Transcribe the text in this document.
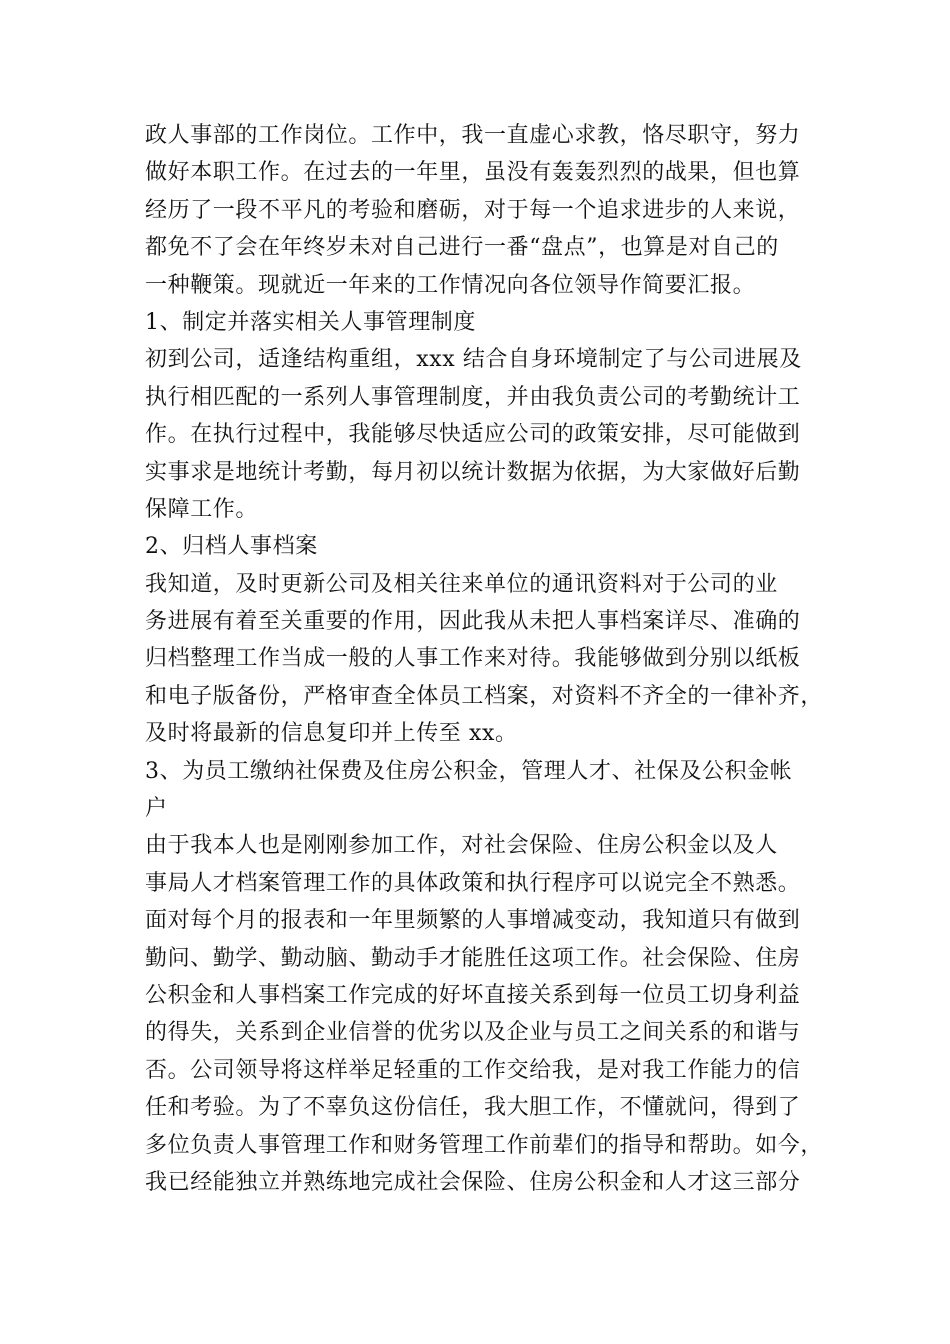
政人事部的工作岗位。工作中，我一直虚心求教，恪尽职守，努力
做好本职工作。在过去的一年里，虽没有轰轰烈烈的战果，但也算
经历了一段不平凡的考验和磨砺，对于每一个追求进步的人来说，
都免不了会在年终岁未对自己进行一番“盘点”，也算是对自己的
一种鞭策。现就近一年来的工作情况向各位领导作简要汇报。
1、制定并落实相关人事管理制度
初到公司，适逢结构重组，xxx 结合自身环境制定了与公司进展及
执行相匹配的一系列人事管理制度，并由我负责公司的考勤统计工
作。在执行过程中，我能够尽快适应公司的政策安排，尽可能做到
实事求是地统计考勤，每月初以统计数据为依据，为大家做好后勤
保障工作。
2、归档人事档案
我知道，及时更新公司及相关往来单位的通讯资料对于公司的业
务进展有着至关重要的作用，因此我从未把人事档案详尽、准确的
归档整理工作当成一般的人事工作来对待。我能够做到分别以纸板
和电子版备份，严格审查全体员工档案，对资料不齐全的一律补齐，
及时将最新的信息复印并上传至 xx。
3、为员工缴纳社保费及住房公积金，管理人才、社保及公积金帐
户
由于我本人也是刚刚参加工作，对社会保险、住房公积金以及人
事局人才档案管理工作的具体政策和执行程序可以说完全不熟悉。
面对每个月的报表和一年里频繁的人事增减变动，我知道只有做到
勤问、勤学、勤动脑、勤动手才能胜任这项工作。社会保险、住房
公积金和人事档案工作完成的好坏直接关系到每一位员工切身利益
的得失，关系到企业信誉的优劣以及企业与员工之间关系的和谐与
否。公司领导将这样举足轻重的工作交给我，是对我工作能力的信
任和考验。为了不辜负这份信任，我大胆工作，不懂就问，得到了
多位负责人事管理工作和财务管理工作前辈们的指导和帮助。如今，
我已经能独立并熟练地完成社会保险、住房公积金和人才这三部分
